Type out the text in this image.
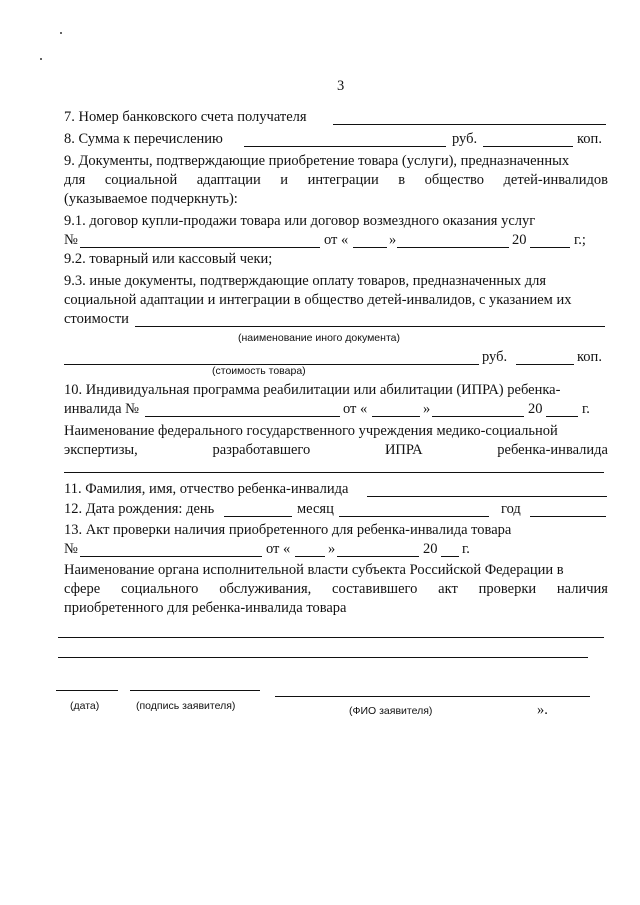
3
7. Номер банковского счета получателя
8. Сумма к перечислению	руб.	коп.
9. Документы, подтверждающие приобретение товара (услуги), предназначенных
для социальной адаптации и интеграции в общество детей-инвалидов
(указываемое подчеркнуть):
9.1. договор купли-продажи товара или договор возмездного оказания услуг
№	от «	»	20	г.;
9.2. товарный или кассовый чеки;
9.3. иные документы, подтверждающие оплату товаров, предназначенных для
социальной адаптации и интеграции в общество детей-инвалидов, с указанием их
стоимости
(наименование иного документа)
руб.	коп.
(стоимость товара)
10. Индивидуальная программа реабилитации или абилитации (ИПРА) ребенка-
инвалида №	от «	»	20	г.
Наименование федерального государственного учреждения медико-социальной
экспертизы,	разработавшего	ИПРА	ребенка-инвалида
11. Фамилия, имя, отчество ребенка-инвалида
12. Дата рождения: день	месяц	год
13. Акт проверки наличия приобретенного для ребенка-инвалида товара
№	от «	»	20 г.
Наименование органа исполнительной власти субъекта Российской Федерации в
сфере социального обслуживания, составившего акт проверки наличия
приобретенного для ребенка-инвалида товара
(дата)	(подпись заявителя)	(ФИО заявителя)	».
